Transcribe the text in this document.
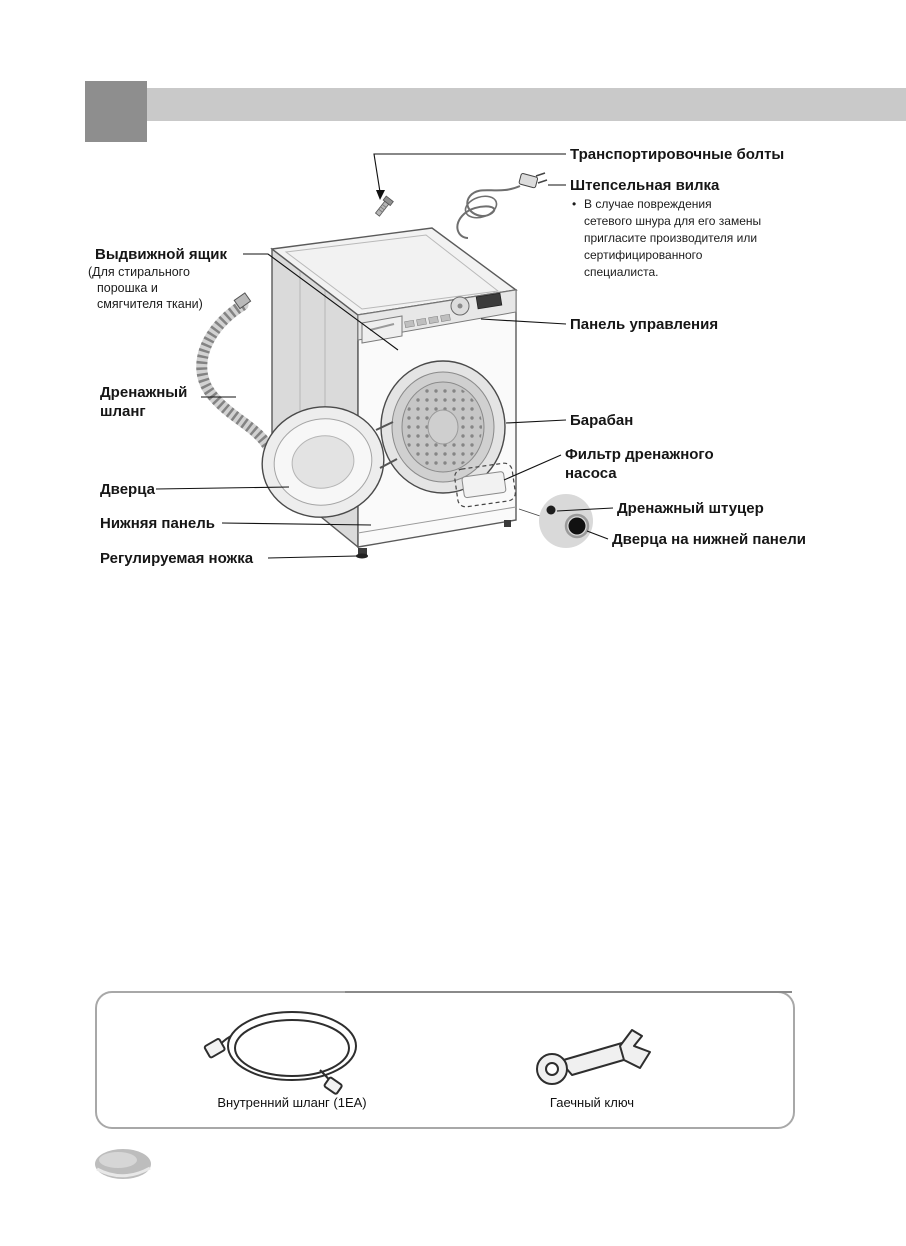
Транспортировочные болты
Штепсельная вилка
• В случае повреждения
сетевого шнура для его замены
пригласите производителя или
сертифицированного
специалиста.
Выдвижной ящик
(Для стирального
порошка и
смягчителя ткани)
Панель управления
Дренажный
шланг
Барабан
Фильтр дренажного
насоса
Дверца
Нижняя панель
Дренажный штуцер
Дверца на нижней панели
Регулируемая ножка
Внутренний шланг (1EA)	Гаечный ключ
